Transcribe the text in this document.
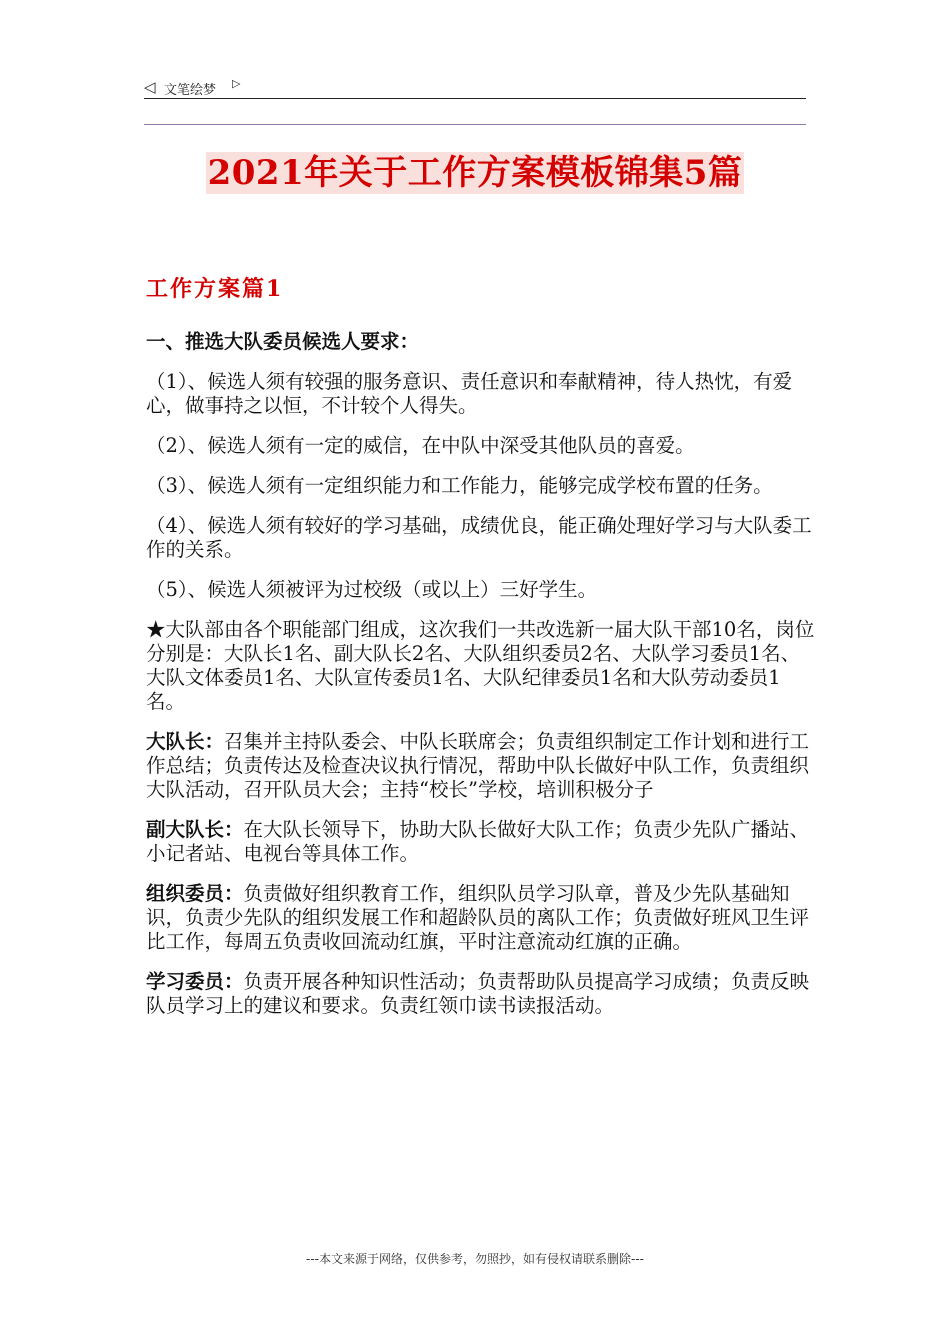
◁ 文笔绘梦 ▷
2021年关于工作方案模板锦集5篇
工作方案篇1

一、推选大队委员候选人要求：

（1）、候选人须有较强的服务意识、责任意识和奉献精神，待人热忱，有爱心，做事持之以恒，不计较个人得失。

（2）、候选人须有一定的威信，在中队中深受其他队员的喜爱。

（3）、候选人须有一定组织能力和工作能力，能够完成学校布置的任务。

（4）、候选人须有较好的学习基础，成绩优良，能正确处理好学习与大队委工作的关系。

（5）、候选人须被评为过校级（或以上）三好学生。

★大队部由各个职能部门组成，这次我们一共改选新一届大队干部10名，岗位分别是：大队长1名、副大队长2名、大队组织委员2名、大队学习委员1名、大队文体委员1名、大队宣传委员1名、大队纪律委员1名和大队劳动委员1名。

大队长：召集并主持队委会、中队长联席会；负责组织制定工作计划和进行工作总结；负责传达及检查决议执行情况，帮助中队长做好中队工作，负责组织大队活动，召开队员大会；主持“校长”学校，培训积极分子

副大队长：在大队长领导下，协助大队长做好大队工作；负责少先队广播站、小记者站、电视台等具体工作。

组织委员：负责做好组织教育工作，组织队员学习队章，普及少先队基础知识，负责少先队的组织发展工作和超龄队员的离队工作；负责做好班风卫生评比工作，每周五负责收回流动红旗，平时注意流动红旗的正确。

学习委员：负责开展各种知识性活动；负责帮助队员提高学习成绩；负责反映队员学习上的建议和要求。负责红领巾读书读报活动。

---本文来源于网络，仅供参考，勿照抄，如有侵权请联系删除---
